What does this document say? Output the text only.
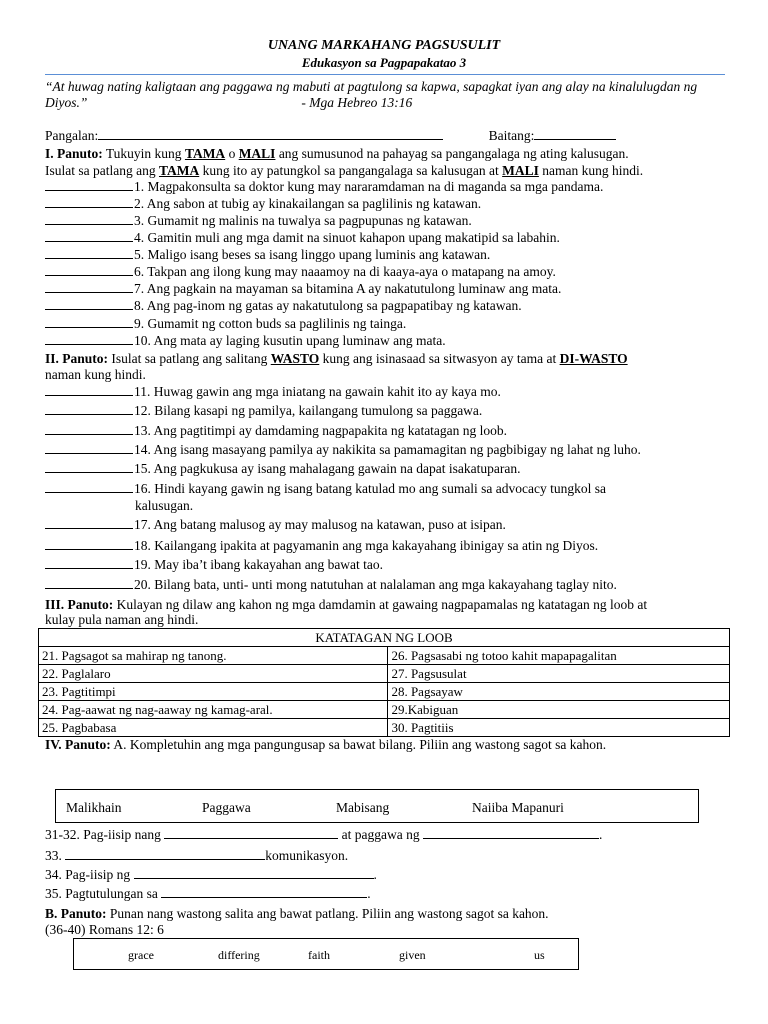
UNANG MARKAHANG PAGSUSULIT
Edukasyon sa Pagpapakatao 3
“At huwag nating kaligtaan ang paggawa ng mabuti at pagtulong sa kapwa, sapagkat iyan ang alay na kinalulugdan ng Diyos.”	- Mga Hebreo 13:16
Pangalan:	Baitang:
I. Panuto: Tukuyin kung TAMA o MALI ang sumusunod na pahayag sa pangangalaga ng ating kalusugan.
Isulat sa patlang ang TAMA kung ito ay patungkol sa pangangalaga sa kalusugan at MALI naman kung hindi.
1. Magpakonsulta sa doktor kung may nararamdaman na di maganda sa mga pandama.
2. Ang sabon at tubig ay kinakailangan sa paglilinis ng katawan.
3. Gumamit ng malinis na tuwalya sa pagpupunas ng katawan.
4. Gamitin muli ang mga damit na sinuot kahapon upang makatipid sa labahin.
5. Maligo isang beses sa isang linggo upang luminis ang katawan.
6. Takpan ang ilong kung may naaamoy na di kaaya-aya o matapang na amoy.
7. Ang pagkain na mayaman sa bitamina A ay nakatutulong luminaw ang mata.
8. Ang pag-inom ng gatas ay nakatutulong sa pagpapatibay ng katawan.
9. Gumamit ng cotton buds sa paglilinis ng tainga.
10. Ang mata ay laging kusutin upang luminaw ang mata.
II. Panuto: Isulat sa patlang ang salitang WASTO kung ang isinasaad sa sitwasyon ay tama at DI-WASTO
naman kung hindi.
11. Huwag gawin ang mga iniatang na gawain kahit ito ay kaya mo.
12. Bilang kasapi ng pamilya, kailangang tumulong sa paggawa.
13. Ang pagtitimpi ay damdaming nagpapakita ng katatagan ng loob.
14. Ang isang masayang pamilya ay nakikita sa pamamagitan ng pagbibigay ng lahat ng luho.
15. Ang pagkukusa ay isang mahalagang gawain na dapat isakatuparan.
16. Hindi kayang gawin ng isang batang katulad mo ang sumali sa advocacy tungkol sa
kalusugan.
17. Ang batang malusog ay may malusog na katawan, puso at isipan.
18. Kailangang ipakita at pagyamanin ang mga kakayahang ibinigay sa atin ng Diyos.
19. May iba’t ibang kakayahan ang bawat tao.
20. Bilang bata, unti- unti mong natutuhan at nalalaman ang mga kakayahang taglay nito.
III. Panuto: Kulayan ng dilaw ang kahon ng mga damdamin at gawaing nagpapamalas ng katatagan ng loob at
kulay pula naman ang hindi.
KATATAGAN NG LOOB	
21. Pagsagot sa mahirap ng tanong.	26. Pagsasabi ng totoo kahit mapapagalitan
22. Paglalaro	27. Pagsusulat
23. Pagtitimpi	28. Pagsayaw
24. Pag-aawat ng nag-aaway ng kamag-aral.	29.Kabiguan
25. Pagbabasa	30. Pagtitiis
IV. Panuto: A. Kompletuhin ang mga pangungusap sa bawat bilang. Piliin ang wastong sagot sa kahon.
Malikhain	Paggawa	Mabisang	Naiiba Mapanuri
31-32. Pag-iisip nang	at paggawa ng	.
33.	komunikasyon.
34. Pag-iisip ng	.
35. Pagtutulungan sa	.
B. Panuto: Punan nang wastong salita ang bawat patlang. Piliin ang wastong sagot sa kahon.
(36-40) Romans 12: 6
grace	differing	faith	given	us
